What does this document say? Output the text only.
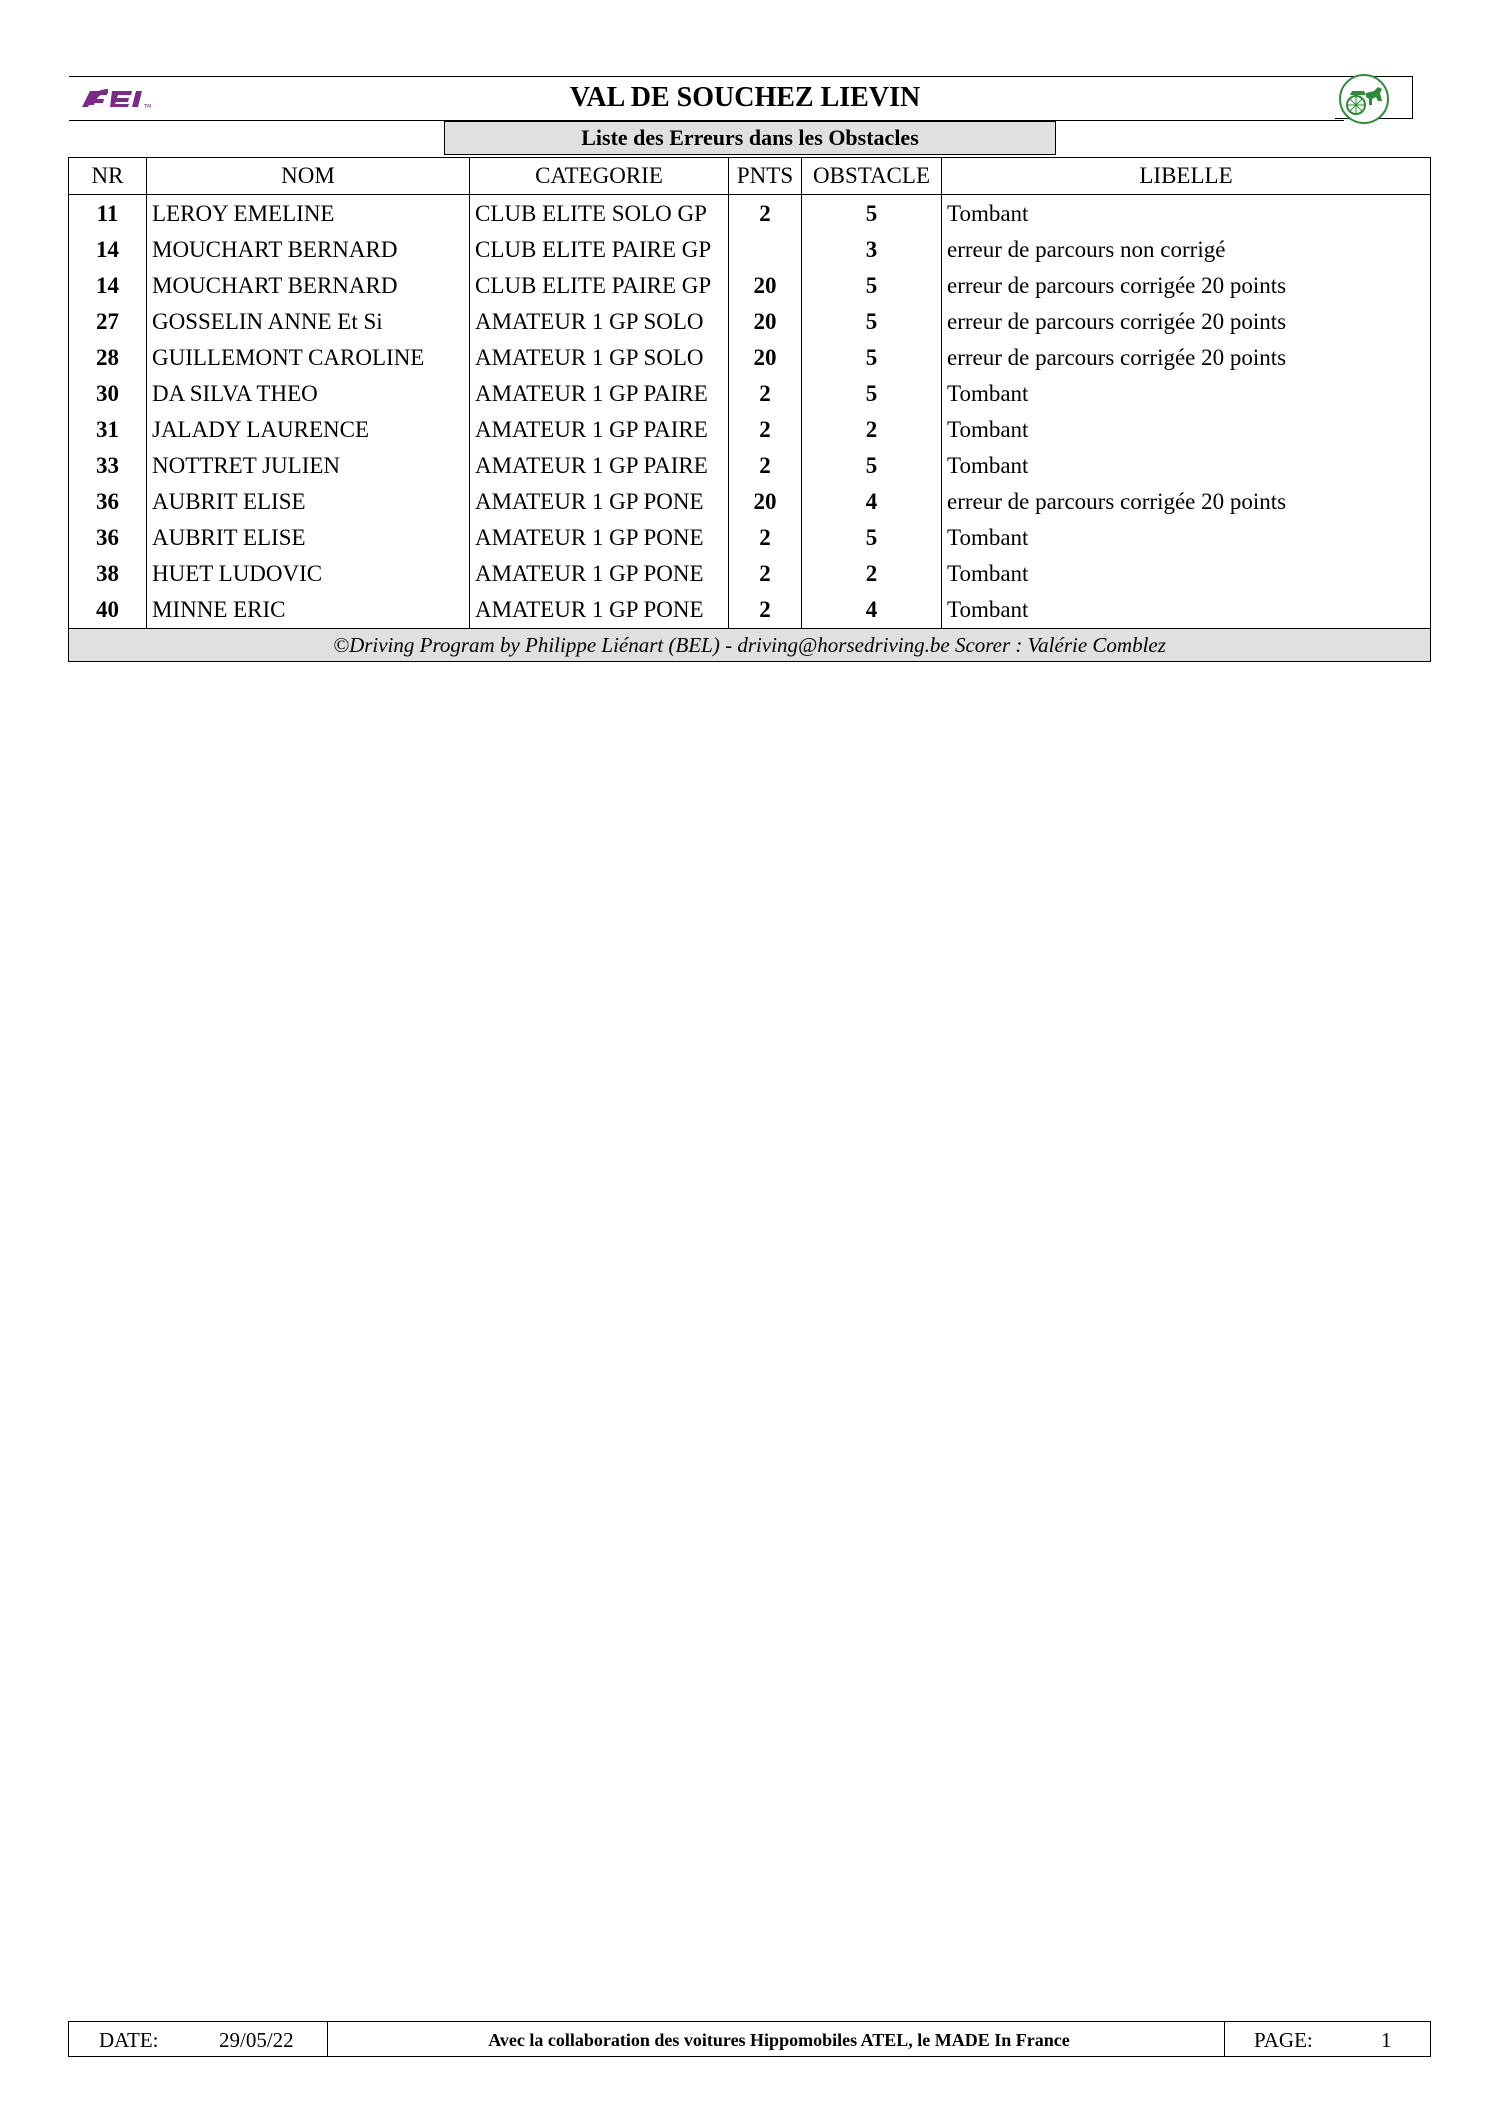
TM	VAL DE SOUCHEZ LIEVIN
Liste des Erreurs dans les Obstacles
NR	NOM	CATEGORIE	PNTS	OBSTACLE	LIBELLE
11	LEROY EMELINE	CLUB ELITE SOLO GP	2	5	Tombant
14	MOUCHART BERNARD	CLUB ELITE PAIRE GP		3	erreur de parcours non corrigé
14	MOUCHART BERNARD	CLUB ELITE PAIRE GP	20	5	erreur de parcours corrigée 20 points
27	GOSSELIN ANNE Et Si	AMATEUR 1 GP SOLO	20	5	erreur de parcours corrigée 20 points
28	GUILLEMONT CAROLINE	AMATEUR 1 GP SOLO	20	5	erreur de parcours corrigée 20 points
30	DA SILVA THEO	AMATEUR 1 GP PAIRE	2	5	Tombant
31	JALADY LAURENCE	AMATEUR 1 GP PAIRE	2	2	Tombant
33	NOTTRET JULIEN	AMATEUR 1 GP PAIRE	2	5	Tombant
36	AUBRIT ELISE	AMATEUR 1 GP PONE	20	4	erreur de parcours corrigée 20 points
36	AUBRIT ELISE	AMATEUR 1 GP PONE	2	5	Tombant
38	HUET LUDOVIC	AMATEUR 1 GP PONE	2	2	Tombant
40	MINNE ERIC	AMATEUR 1 GP PONE	2	4	Tombant
©Driving Program by Philippe Liénart (BEL) - driving@horsedriving.be Scorer : Valérie Comblez					
DATE:	29/05/22	Avec la collaboration des voitures Hippomobiles ATEL, le MADE In France	PAGE:	1
